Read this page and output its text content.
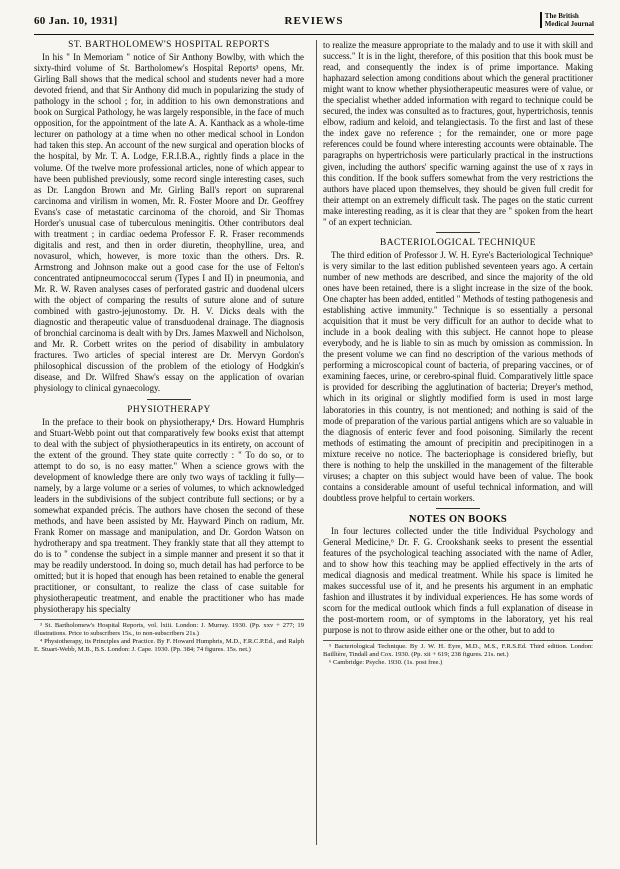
60 Jan. 10, 1931]	REVIEWS	The British
Medical Journal
ST. BARTHOLOMEW'S HOSPITAL REPORTS

In his " In Memoriam " notice of Sir Anthony Bowlby, with which the sixty-third volume of St. Bartholomew's Hospital Reports³ opens, Mr. Girling Ball shows that the medical school and students never had a more devoted friend, and that Sir Anthony did much in popularizing the study of pathology in the school ; for, in addition to his own demonstrations and book on Surgical Pathology, he was largely responsible, in the face of much opposition, for the appointment of the late A. A. Kanthack as a whole-time lecturer on pathology at a time when no other medical school in London had taken this step. An account of the new surgical and operation blocks of the hospital, by Mr. T. A. Lodge, F.R.I.B.A., rightly finds a place in the volume. Of the twelve more professional articles, none of which appear to have been published previously, some record single interesting cases, such as Dr. Langdon Brown and Mr. Girling Ball's report on suprarenal carcinoma and virilism in women, Mr. R. Foster Moore and Dr. Geoffrey Evans's case of metastatic carcinoma of the choroid, and Sir Thomas Horder's unusual case of tuberculous meningitis. Other contributors deal with treatment ; in cardiac oedema Professor F. R. Fraser recommends digitalis and rest, and then in order diuretin, theophylline, urea, and novasurol, which, however, is more toxic than the others. Drs. R. Armstrong and Johnson make out a good case for the use of Felton's concentrated antipneumococcal serum (Types I and II) in pneumonia, and Mr. R. W. Raven analyses cases of perforated gastric and duodenal ulcers with the object of comparing the results of suture alone and of suture combined with gastro-jejunostomy. Dr. H. V. Dicks deals with the diagnostic and therapeutic value of transduodenal drainage. The diagnosis of bronchial carcinoma is dealt with by Drs. James Maxwell and Nicholson, and Mr. R. Corbett writes on the period of disability in ambulatory fractures. Two articles of special interest are Dr. Mervyn Gordon's philosophical discussion of the problem of the etiology of Hodgkin's disease, and Dr. Wilfred Shaw's essay on the application of ovarian physiology to clinical gynaecology.

PHYSIOTHERAPY

In the preface to their book on physiotherapy,⁴ Drs. Howard Humphris and Stuart-Webb point out that comparatively few books exist that attempt to deal with the subject of physiotherapeutics in its entirety, on account of the extent of the ground. They state quite correctly : " To do so, or to attempt to do so, is no easy matter." When a science grows with the development of knowledge there are only two ways of tackling it fully—namely, by a large volume or a series of volumes, to which acknowledged leaders in the subdivisions of the subject contribute full sections; or by a somewhat expanded précis. The authors have chosen the second of these methods, and have been assisted by Mr. Hayward Pinch on radium, Mr. Frank Romer on massage and manipulation, and Dr. Gordon Watson on hydrotherapy and spa treatment. They frankly state that all they attempt to do is to " condense the subject in a simple manner and present it so that it may be readily understood. In doing so, much detail has had perforce to be omitted; but it is hoped that enough has been retained to enable the general practitioner, or consultant, to realize the class of case suitable for physiotherapeutic treatment, and enable the practitioner who has made physiotherapy his specialty

³ St. Bartholomew's Hospital Reports, vol. lxiii. London: J. Murray. 1930. (Pp. xxv + 277; 19 illustrations. Price to subscribers 15s., to non-subscribers 21s.)

⁴ Physiotherapy, its Principles and Practice. By F. Howard Humphris, M.D., F.R.C.P.Ed., and Ralph E. Stuart-Webb, M.B., B.S. London: J. Cape. 1930. (Pp. 384; 74 figures. 15s. net.)

to realize the measure appropriate to the malady and to use it with skill and success." It is in the light, therefore, of this position that this book must be read, and consequently the index is of prime importance. Making haphazard selection among conditions about which the general practitioner might want to know whether physiotherapeutic measures were of value, or the specialist whether added information with regard to technique could be secured, the index was consulted as to fractures, gout, hypertrichosis, tennis elbow, radium and keloid, and telangiectasis. To the first and last of these the index gave no reference ; for the remainder, one or more page references could be found where interesting accounts were obtainable. The paragraphs on hypertrichosis were particularly practical in the instructions given, including the authors' specific warning against the use of x rays in this condition. If the book suffers somewhat from the very restrictions the authors have placed upon themselves, they should be given full credit for their attempt on an extremely difficult task. The pages on the static current make interesting reading, as it is clear that they are " spoken from the heart " of an expert technician.

BACTERIOLOGICAL TECHNIQUE

The third edition of Professor J. W. H. Eyre's Bacteriological Technique⁵ is very similar to the last edition published seventeen years ago. A certain number of new methods are described, and since the majority of the old ones have been retained, there is a slight increase in the size of the book. One chapter has been added, entitled " Methods of testing pathogenesis and establishing active immunity." Technique is so essentially a personal acquisition that it must be very difficult for an author to decide what to include in a book dealing with this subject. He cannot hope to please everybody, and he is liable to sin as much by omission as commission. In the present volume we can find no description of the various methods of performing a microscopical count of bacteria, of preparing vaccines, or of examining faeces, urine, or cerebro-spinal fluid. Comparatively little space is provided for describing the agglutination of bacteria; Dreyer's method, which in its original or slightly modified form is used in most large laboratories in this country, is not mentioned; and nothing is said of the mode of preparation of the various partial antigens which are so valuable in the diagnosis of enteric fever and food poisoning. Similarly the recent methods of estimating the amount of precipitin and precipitinogen in a mixture receive no notice. The bacteriophage is considered briefly, but there is nothing to help the unskilled in the management of the filterable viruses; a chapter on this subject would have been of value. The book contains a considerable amount of useful technical information, and will doubtless prove helpful to certain workers.

NOTES ON BOOKS

In four lectures collected under the title Individual Psychology and General Medicine,⁶ Dr. F. G. Crookshank seeks to present the essential features of the psychological teaching associated with the name of Adler, and to show how this teaching may be applied effectively in the arts of medical diagnosis and medical treatment. While his space is limited he makes successful use of it, and he presents his argument in an emphatic fashion and illustrates it by individual experiences. He has some words of scorn for the medical outlook which finds a full explanation of disease in the post-mortem room, or of symptoms in the laboratory, yet his real purpose is not to throw aside either one or the other, but to add to

⁵ Bacteriological Technique. By J. W. H. Eyre, M.D., M.S., F.R.S.Ed. Third edition. London: Baillière, Tindall and Cox. 1930. (Pp. xii + 619; 238 figures. 21s. net.)

⁶ Cambridge: Psyche. 1930. (1s. post free.)
